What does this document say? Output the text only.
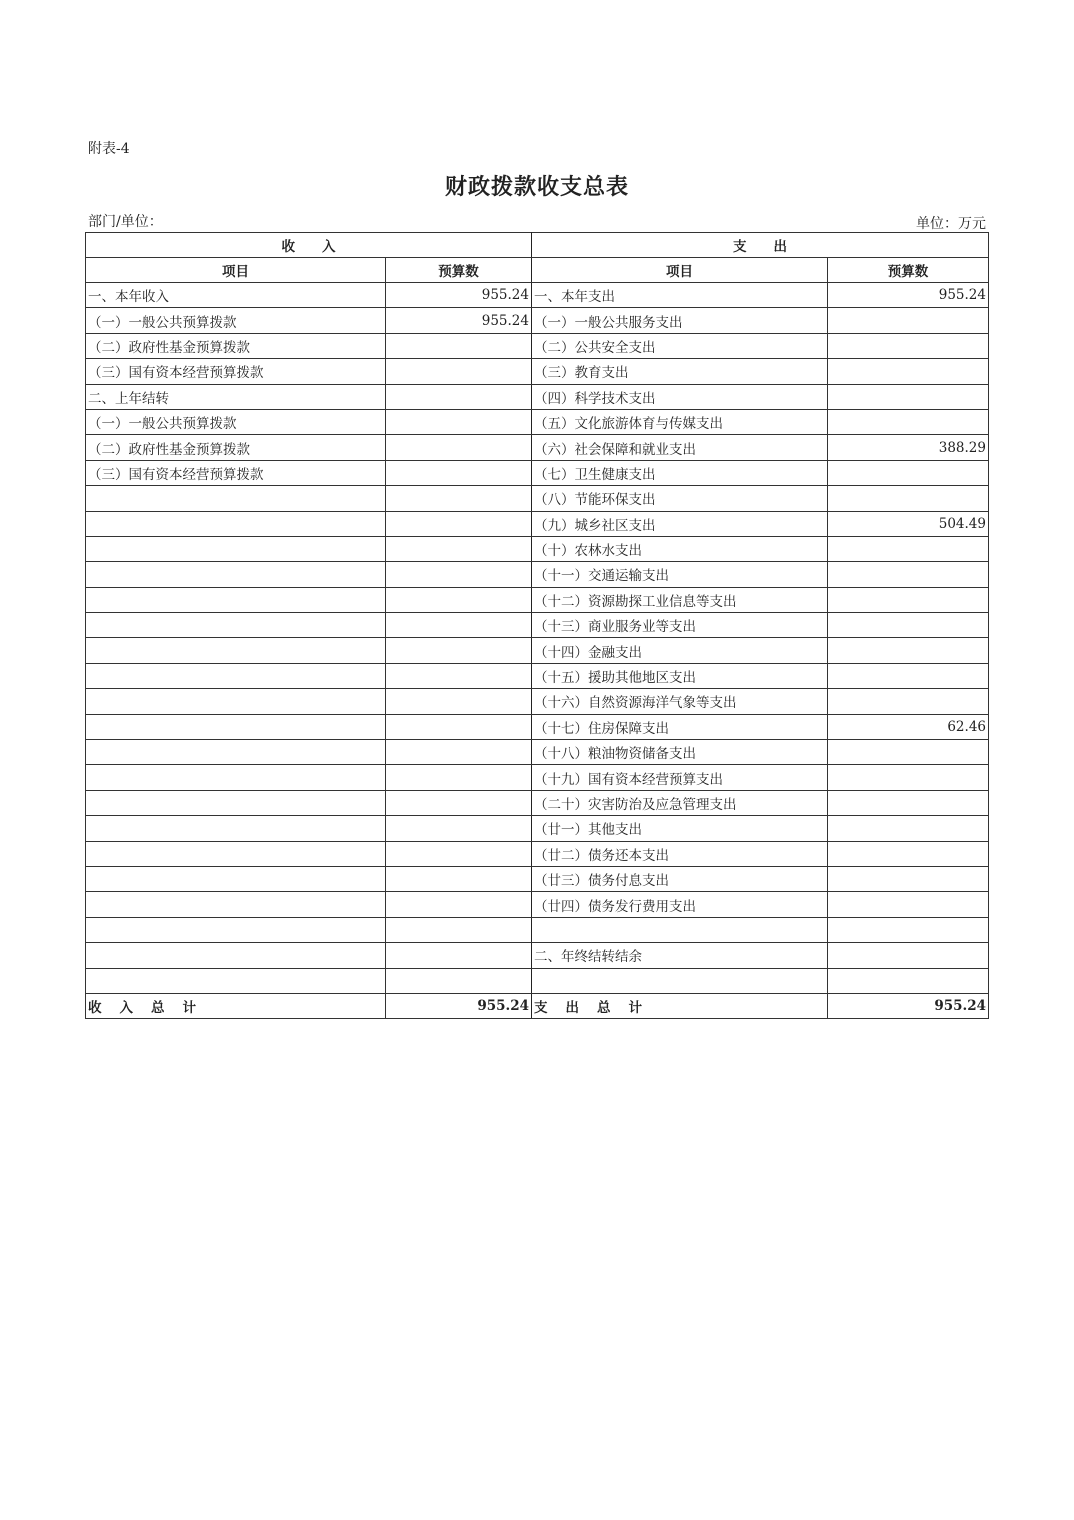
附表-4
财政拨款收支总表
部门/单位：	单位：万元
收　　入		支　　出	
项目	预算数	项目	预算数
一、本年收入	955.24	一、本年支出	955.24
（一）一般公共预算拨款	955.24	（一）一般公共服务支出	
（二）政府性基金预算拨款		（二）公共安全支出	
（三）国有资本经营预算拨款		（三）教育支出	
二、上年结转		（四）科学技术支出	
（一）一般公共预算拨款		（五）文化旅游体育与传媒支出	
（二）政府性基金预算拨款		（六）社会保障和就业支出	388.29
（三）国有资本经营预算拨款		（七）卫生健康支出	
		（八）节能环保支出	
		（九）城乡社区支出	504.49
		（十）农林水支出	
		（十一）交通运输支出	
		（十二）资源勘探工业信息等支出	
		（十三）商业服务业等支出	
		（十四）金融支出	
		（十五）援助其他地区支出	
		（十六）自然资源海洋气象等支出	
		（十七）住房保障支出	62.46
		（十八）粮油物资储备支出	
		（十九）国有资本经营预算支出	
		（二十）灾害防治及应急管理支出	
		（廿一）其他支出	
		（廿二）债务还本支出	
		（廿三）债务付息支出	
		（廿四）债务发行费用支出	

		二、年终结转结余	

收入总计	955.24	支出总计	955.24
